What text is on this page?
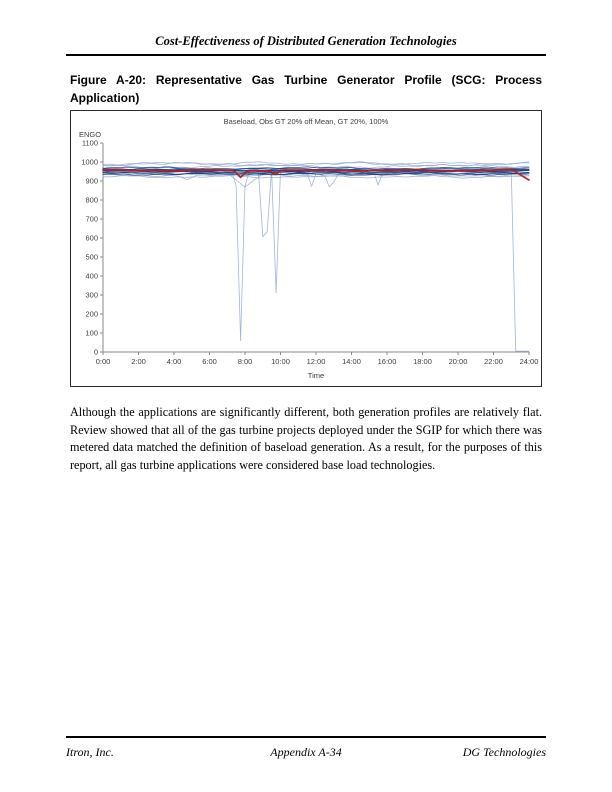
Cost-Effectiveness of Distributed Generation Technologies
Figure A-20: Representative Gas Turbine Generator Profile (SCG: Process
Application)
Baseload, Obs GT 20% off Mean, GT 20%, 100%
ENGO
0
100
200
300
400
500
600
700
800
900
1000
1100
0:00	2:00	4:00	6:00	8:00	10:00 12:00 14:00 16:00 18:00 20:00 22:00 24:00
Time
Although the applications are significantly different, both generation profiles are relatively flat. Review showed that all of the gas turbine projects deployed under the SGIP for which there was metered data matched the definition of baseload generation. As a result, for the purposes of this report, all gas turbine applications were considered base load technologies.
Itron, Inc.	Appendix A-34	DG Technologies
